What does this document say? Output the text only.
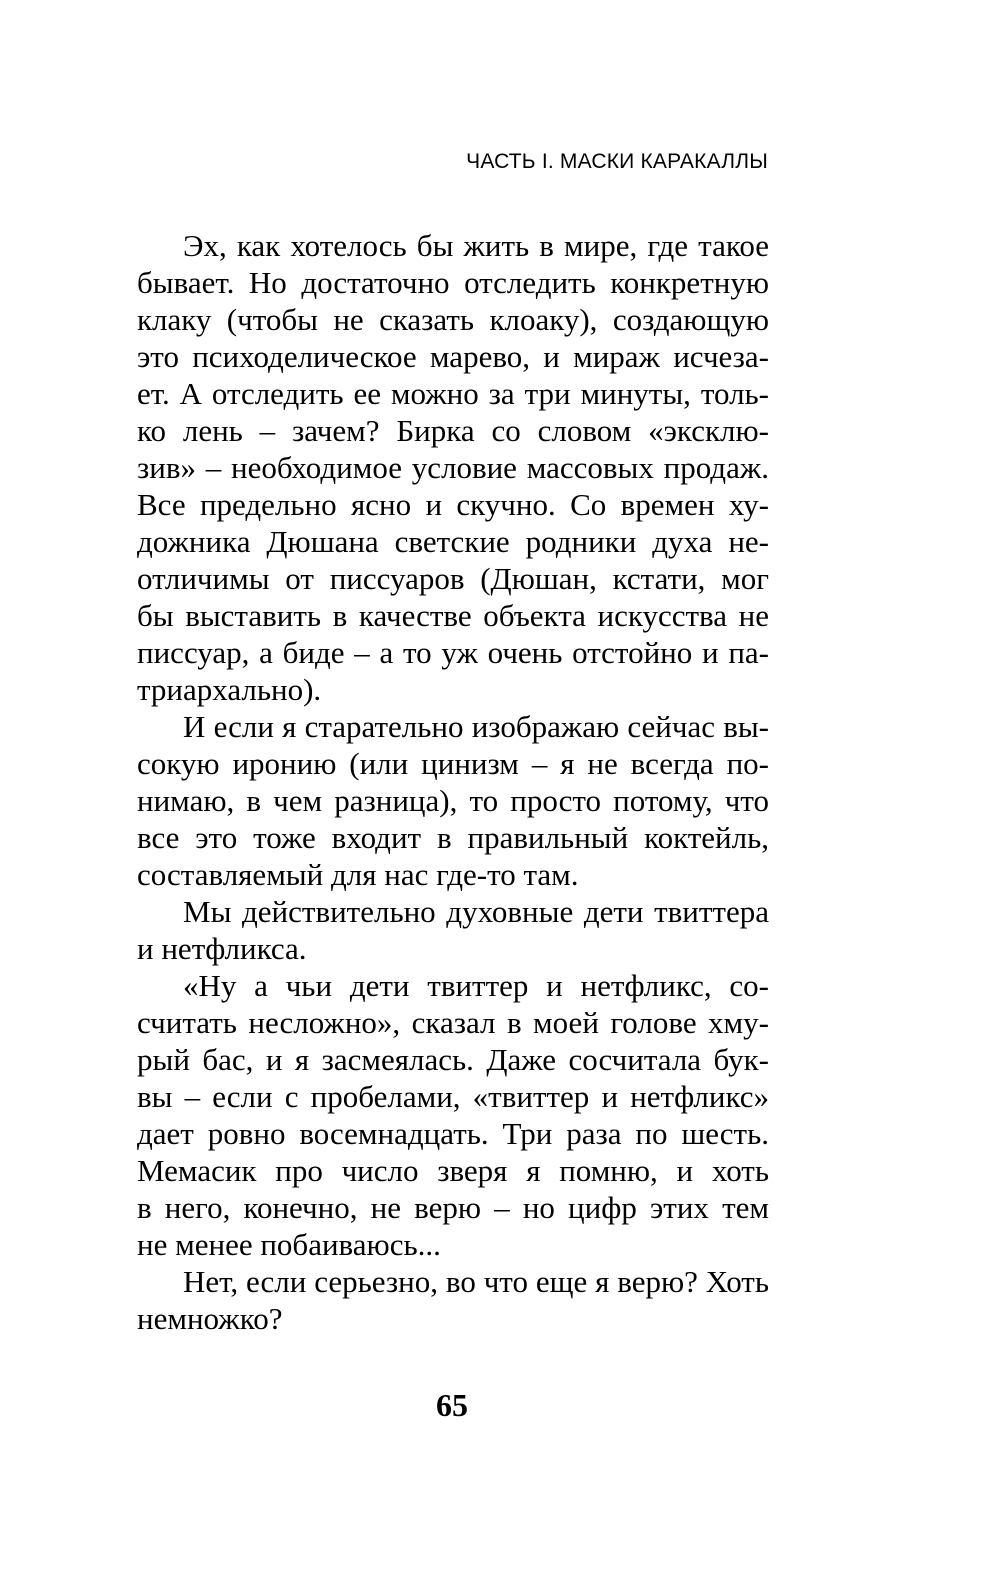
ЧАСТЬ I. МАСКИ КАРАКАЛЛЫ
Эх, как хотелось бы жить в мире, где такое
бывает. Но достаточно отследить конкретную
клаку (чтобы не сказать клоаку), создающую
это психоделическое марево, и мираж исчеза-
ет. А отследить ее можно за три минуты, толь-
ко лень – зачем? Бирка со словом «эксклю-
зив» – необходимое условие массовых продаж.
Все предельно ясно и скучно. Со времен ху-
дожника Дюшана светские родники духа не-
отличимы от писсуаров (Дюшан, кстати, мог
бы выставить в качестве объекта искусства не
писсуар, а биде – а то уж очень отстойно и па-
триархально).
И если я старательно изображаю сейчас вы-
сокую иронию (или цинизм – я не всегда по-
нимаю, в чем разница), то просто потому, что
все это тоже входит в правильный коктейль,
составляемый для нас где-то там.
Мы действительно духовные дети твиттера
и нетфликса.
«Ну а чьи дети твиттер и нетфликс, со-
считать несложно», сказал в моей голове хму-
рый бас, и я засмеялась. Даже сосчитала бук-
вы – если с пробелами, «твиттер и нетфликс»
дает ровно восемнадцать. Три раза по шесть.
Мемасик про число зверя я помню, и хоть
в него, конечно, не верю – но цифр этих тем
не менее побаиваюсь...
Нет, если серьезно, во что еще я верю? Хоть
немножко?
65
